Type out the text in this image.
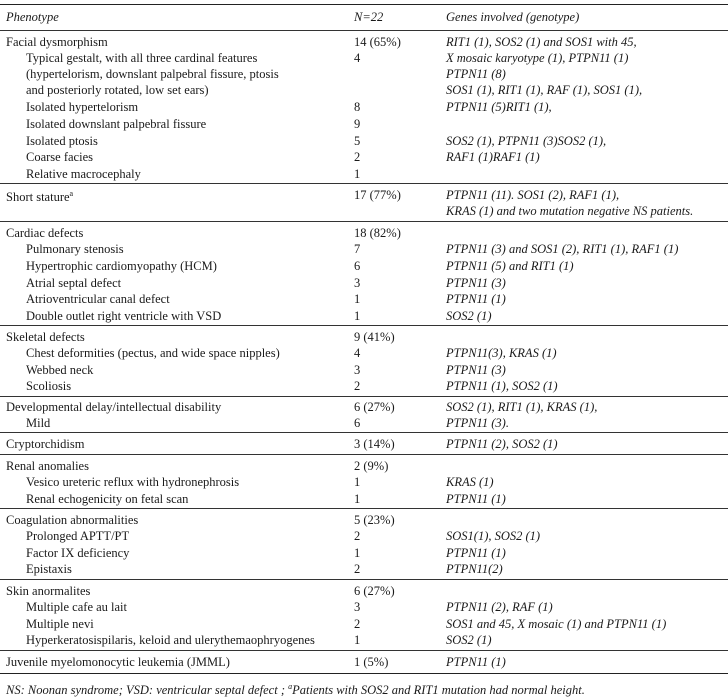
Phenotype	N=22	Genes involved (genotype)
Facial dysmorphism	14 (65%)	RIT1 (1), SOS2 (1) and SOS1 with 45,
Typical gestalt, with all three cardinal features	4	X mosaic karyotype (1), PTPN11 (1)
(hypertelorism, downslant palpebral fissure, ptosis	PTPN11 (8)
and posteriorly rotated, low set ears)	SOS1 (1), RIT1 (1), RAF (1), SOS1 (1),
Isolated hypertelorism	8	PTPN11 (5)RIT1 (1),
Isolated downslant palpebral fissure	9
Isolated ptosis	5	SOS2 (1), PTPN11 (3)SOS2 (1),
Coarse facies	2	RAF1 (1)RAF1 (1)
Relative macrocephaly	1
Short stature$^a$	17 (77%)	PTPN11 (11). SOS1 (2), RAF1 (1),
KRAS (1) and two mutation negative NS patients.
Cardiac defects	18 (82%)
Pulmonary stenosis	7	PTPN11 (3) and SOS1 (2), RIT1 (1), RAF1 (1)
Hypertrophic cardiomyopathy (HCM)	6	PTPN11 (5) and RIT1 (1)
Atrial septal defect	3	PTPN11 (3)
Atrioventricular canal defect	1	PTPN11 (1)
Double outlet right ventricle with VSD	1	SOS2 (1)
Skeletal defects	9 (41%)
Chest deformities (pectus, and wide space nipples)	4	PTPN11(3), KRAS (1)
Webbed neck	3	PTPN11 (3)
Scoliosis	2	PTPN11 (1), SOS2 (1)
Developmental delay/intellectual disability	6 (27%)	SOS2 (1), RIT1 (1), KRAS (1),
Mild	6	PTPN11 (3).
Cryptorchidism	3 (14%)	PTPN11 (2), SOS2 (1)
Renal anomalies	2 (9%)
Vesico ureteric reflux with hydronephrosis	1	KRAS (1)
Renal echogenicity on fetal scan	1	PTPN11 (1)
Coagulation abnormalities	5 (23%)
Prolonged APTT/PT	2	SOS1(1), SOS2 (1)
Factor IX deficiency	1	PTPN11 (1)
Epistaxis	2	PTPN11(2)
Skin anormalites	6 (27%)
Multiple cafe au lait	3	PTPN11 (2), RAF (1)
Multiple nevi	2	SOS1 and 45, X mosaic (1) and PTPN11 (1)
Hyperkeratosispilaris, keloid and ulerythemaophryogenes	1	SOS2 (1)
Juvenile myelomonocytic leukemia (JMML)	1 (5%)	PTPN11 (1)
NS: Noonan syndrome; VSD: ventricular septal defect ; $^a$Patients with SOS2 and RIT1 mutation had normal height.
